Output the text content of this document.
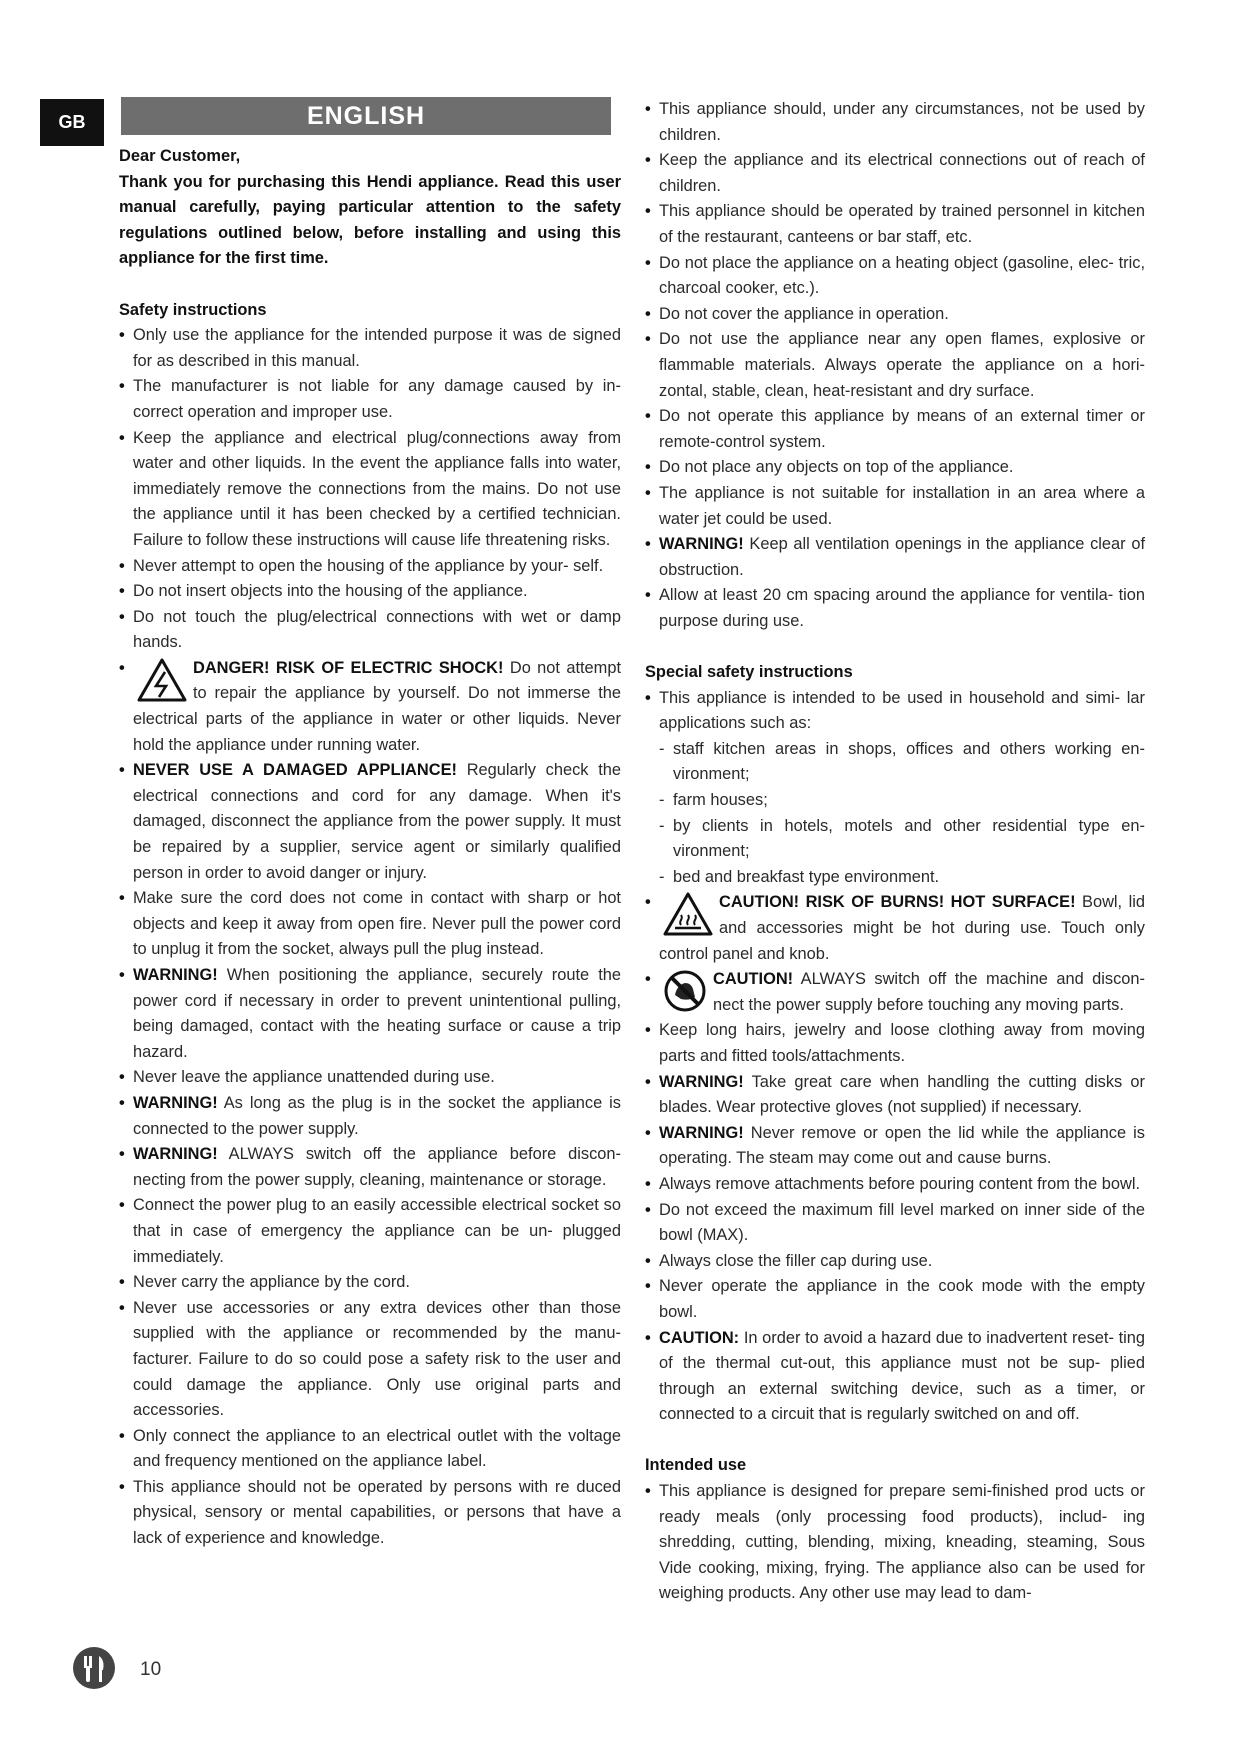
GB	ENGLISH

Dear Customer,

Thank you for purchasing this Hendi appliance. Read this user manual carefully, paying particular attention to the safety regulations outlined below, before installing and using this appliance for the first time.

Safety instructions
• Only use the appliance for the intended purpose it was de signed for as described in this manual.
• The manufacturer is not liable for any damage caused by in- correct operation and improper use.
• Keep the appliance and electrical plug/connections away from water and other liquids. In the event the appliance falls into water, immediately remove the connections from the mains. Do not use the appliance until it has been checked by a certified technician. Failure to follow these instructions will cause life threatening risks.
• Never attempt to open the housing of the appliance by your- self.
• Do not insert objects into the housing of the appliance.
• Do not touch the plug/electrical connections with wet or damp hands.
• DANGER! RISK OF ELECTRIC SHOCK! Do not attempt to repair the appliance by yourself. Do not immerse the electrical parts of the appliance in water or other liquids. Never hold the appliance under running water.
• NEVER USE A DAMAGED APPLIANCE! Regularly check the electrical connections and cord for any damage. When it's damaged, disconnect the appliance from the power supply. It must be repaired by a supplier, service agent or similarly qualified person in order to avoid danger or injury.
• Make sure the cord does not come in contact with sharp or hot objects and keep it away from open fire. Never pull the power cord to unplug it from the socket, always pull the plug instead.
• WARNING! When positioning the appliance, securely route the power cord if necessary in order to prevent unintentional pulling, being damaged, contact with the heating surface or cause a trip hazard.
• Never leave the appliance unattended during use.
• WARNING! As long as the plug is in the socket the appliance is connected to the power supply.
• WARNING! ALWAYS switch off the appliance before discon- necting from the power supply, cleaning, maintenance or storage.
• Connect the power plug to an easily accessible electrical socket so that in case of emergency the appliance can be un- plugged immediately.
• Never carry the appliance by the cord.
• Never use accessories or any extra devices other than those supplied with the appliance or recommended by the manu- facturer. Failure to do so could pose a safety risk to the user and could damage the appliance. Only use original parts and accessories.
• Only connect the appliance to an electrical outlet with the voltage and frequency mentioned on the appliance label.
• This appliance should not be operated by persons with re duced physical, sensory or mental capabilities, or persons that have a lack of experience and knowledge.
• This appliance should, under any circumstances, not be used by children.
• Keep the appliance and its electrical connections out of reach of children.
• This appliance should be operated by trained personnel in kitchen of the restaurant, canteens or bar staff, etc.
• Do not place the appliance on a heating object (gasoline, elec- tric, charcoal cooker, etc.).
• Do not cover the appliance in operation.
• Do not use the appliance near any open flames, explosive or flammable materials. Always operate the appliance on a hori- zontal, stable, clean, heat-resistant and dry surface.
• Do not operate this appliance by means of an external timer or remote-control system.
• Do not place any objects on top of the appliance.
• The appliance is not suitable for installation in an area where a water jet could be used.
• WARNING! Keep all ventilation openings in the appliance clear of obstruction.
• Allow at least 20 cm spacing around the appliance for ventila- tion purpose during use.
Special safety instructions
• This appliance is intended to be used in household and simi- lar applications such as:
- staff kitchen areas in shops, offices and others working en- vironment;
- farm houses;
- by clients in hotels, motels and other residential type en- vironment;
- bed and breakfast type environment.
• CAUTION! RISK OF BURNS! HOT SURFACE! Bowl, lid and accessories might be hot during use. Touch only control panel and knob.
• CAUTION! ALWAYS switch off the machine and discon- nect the power supply before touching any moving parts.
• Keep long hairs, jewelry and loose clothing away from moving parts and fitted tools/attachments.
• WARNING! Take great care when handling the cutting disks or blades. Wear protective gloves (not supplied) if necessary.
• WARNING! Never remove or open the lid while the appliance is operating. The steam may come out and cause burns.
• Always remove attachments before pouring content from the bowl.
• Do not exceed the maximum fill level marked on inner side of the bowl (MAX).
• Always close the filler cap during use.
• Never operate the appliance in the cook mode with the empty bowl.
• CAUTION: In order to avoid a hazard due to inadvertent reset- ting of the thermal cut-out, this appliance must not be sup- plied through an external switching device, such as a timer, or connected to a circuit that is regularly switched on and off.
Intended use
• This appliance is designed for prepare semi-finished prod ucts or ready meals (only processing food products), includ- ing shredding, cutting, blending, mixing, kneading, steaming, Sous Vide cooking, mixing, frying. The appliance also can be used for weighing products. Any other use may lead to dam-
10
